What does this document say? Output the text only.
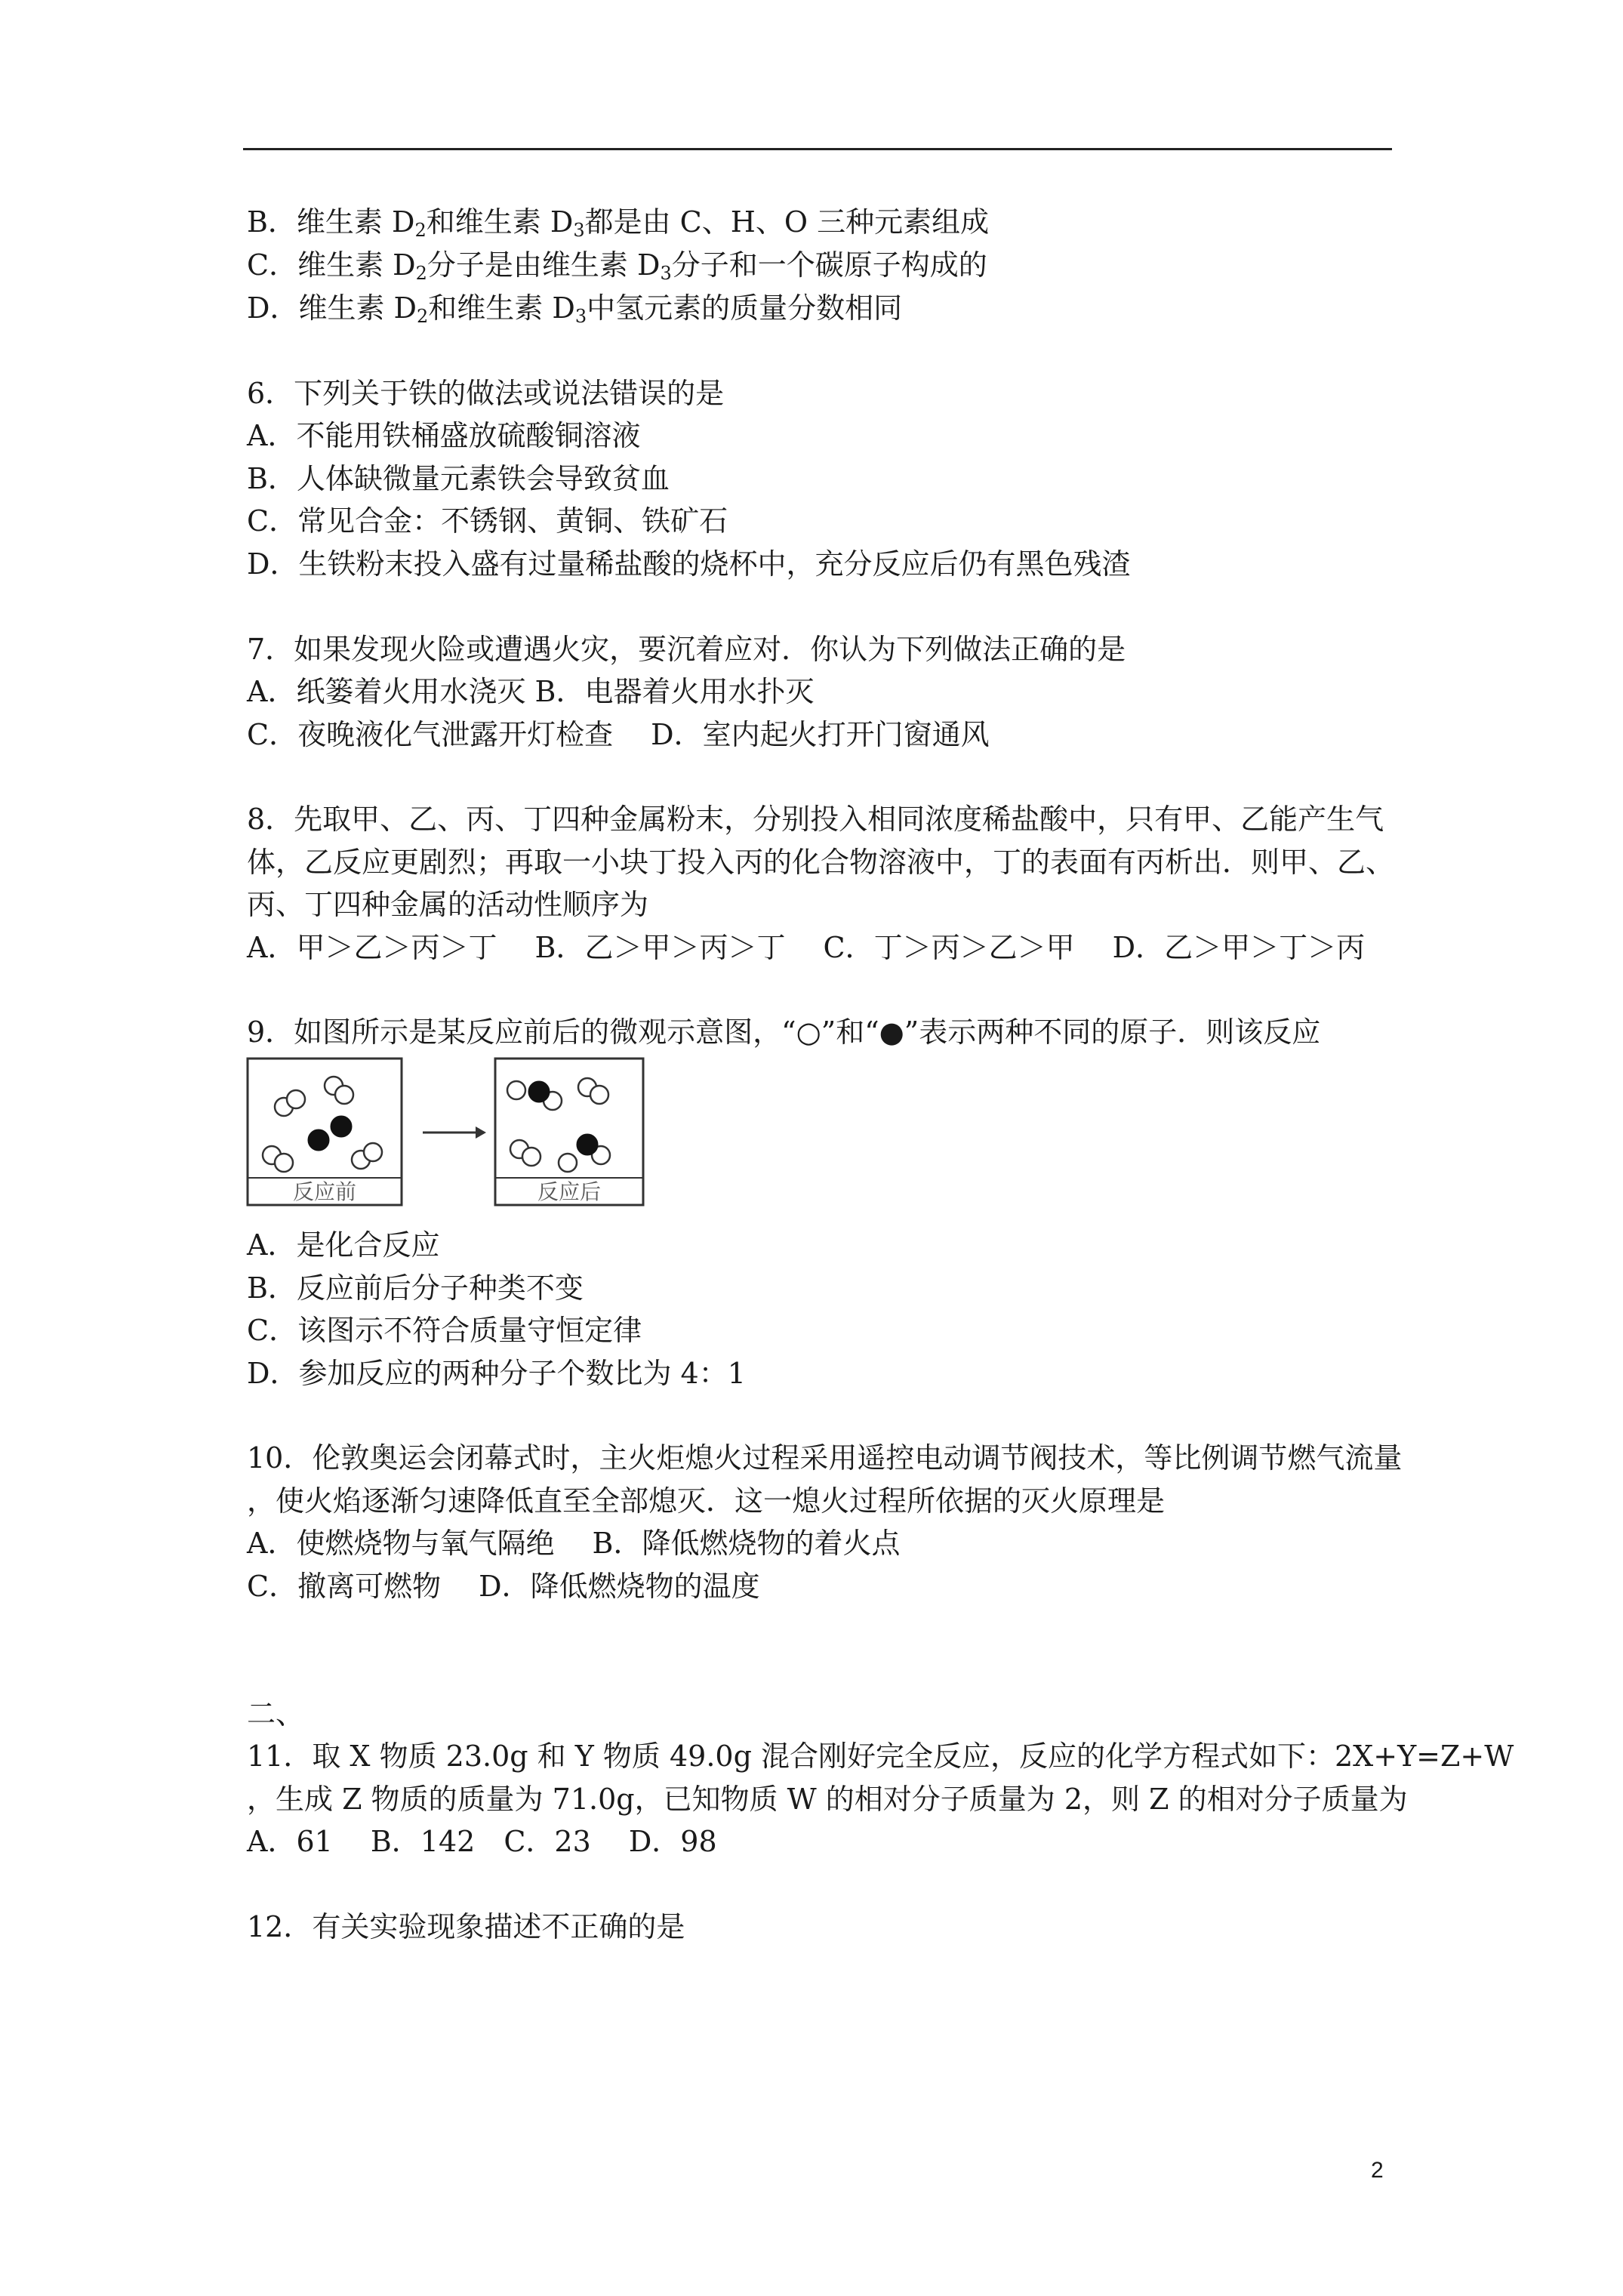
B．维生素 $D_2$和维生素 $D_3$都是由 C、H、O 三种元素组成
C．维生素 $D_2$分子是由维生素 $D_3$分子和一个碳原子构成的
D．维生素 $D_2$和维生素 $D_3$中氢元素的质量分数相同
6．下列关于铁的做法或说法错误的是
A．不能用铁桶盛放硫酸铜溶液
B．人体缺微量元素铁会导致贫血
C．常见合金：不锈钢、黄铜、铁矿石
D．生铁粉末投入盛有过量稀盐酸的烧杯中，充分反应后仍有黑色残渣
7．如果发现火险或遭遇火灾，要沉着应对．你认为下列做法正确的是
A．纸篓着火用水浇灭 B．电器着火用水扑灭
C．夜晚液化气泄露开灯检查　 D．室内起火打开门窗通风
8．先取甲、乙、丙、丁四种金属粉末，分别投入相同浓度稀盐酸中，只有甲、乙能产生气
体，乙反应更剧烈；再取一小块丁投入丙的化合物溶液中，丁的表面有丙析出．则甲、乙、
丙、丁四种金属的活动性顺序为
A．甲＞乙＞丙＞丁　 B．乙＞甲＞丙＞丁　 C．丁＞丙＞乙＞甲　 D．乙＞甲＞丁＞丙
9．如图所示是某反应前后的微观示意图，“○”和“●”表示两种不同的原子．则该反应
反应前	反应后
A．是化合反应
B．反应前后分子种类不变
C．该图示不符合质量守恒定律
D．参加反应的两种分子个数比为 4：1
10．伦敦奥运会闭幕式时，主火炬熄火过程采用遥控电动调节阀技术，等比例调节燃气流量
，使火焰逐渐匀速降低直至全部熄灭．这一熄火过程所依据的灭火原理是
A．使燃烧物与氧气隔绝　 B．降低燃烧物的着火点
C．撤离可燃物　 D．降低燃烧物的温度
二、
11．取 X 物质 23.0g 和 Y 物质 49.0g 混合刚好完全反应，反应的化学方程式如下：2X+Y=Z+W
，生成 Z 物质的质量为 71.0g，已知物质 W 的相对分子质量为 2，则 Z 的相对分子质量为
A．61　 B．142　C．23　 D．98
12．有关实验现象描述不正确的是
2
